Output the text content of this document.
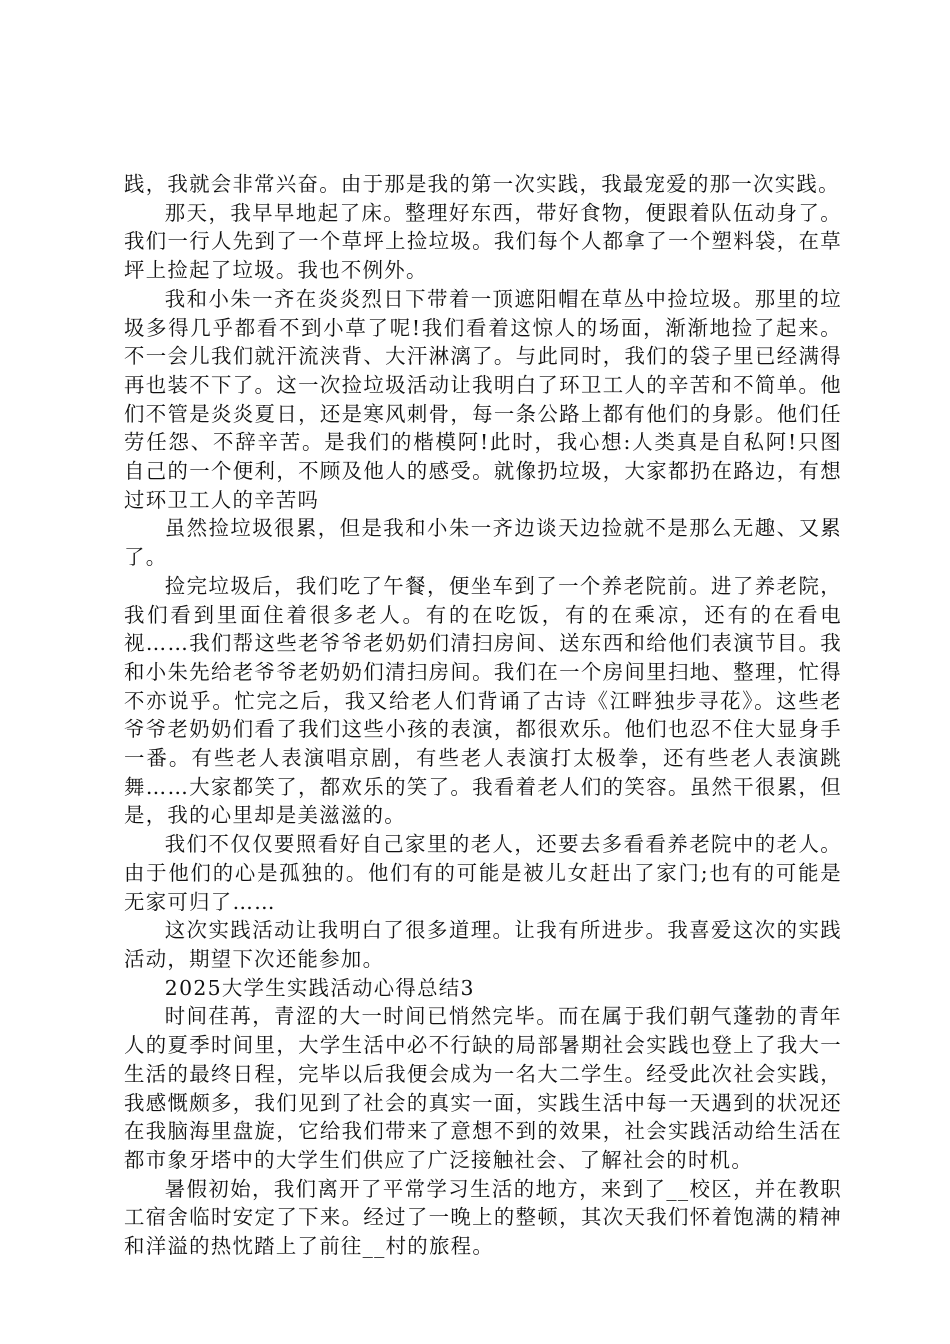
践，我就会非常兴奋。由于那是我的第一次实践，我最宠爱的那一次实践。

那天，我早早地起了床。整理好东西，带好食物，便跟着队伍动身了。我们一行人先到了一个草坪上捡垃圾。我们每个人都拿了一个塑料袋，在草坪上捡起了垃圾。我也不例外。

我和小朱一齐在炎炎烈日下带着一顶遮阳帽在草丛中捡垃圾。那里的垃圾多得几乎都看不到小草了呢!我们看着这惊人的场面，渐渐地捡了起来。不一会儿我们就汗流浃背、大汗淋漓了。与此同时，我们的袋子里已经满得再也装不下了。这一次捡垃圾活动让我明白了环卫工人的辛苦和不简单。他们不管是炎炎夏日，还是寒风刺骨，每一条公路上都有他们的身影。他们任劳任怨、不辞辛苦。是我们的楷模阿!此时，我心想:人类真是自私阿!只图自己的一个便利，不顾及他人的感受。就像扔垃圾，大家都扔在路边，有想过环卫工人的辛苦吗

虽然捡垃圾很累，但是我和小朱一齐边谈天边捡就不是那么无趣、又累了。

捡完垃圾后，我们吃了午餐，便坐车到了一个养老院前。进了养老院，我们看到里面住着很多老人。有的在吃饭，有的在乘凉，还有的在看电视……我们帮这些老爷爷老奶奶们清扫房间、送东西和给他们表演节目。我和小朱先给老爷爷老奶奶们清扫房间。我们在一个房间里扫地、整理，忙得不亦说乎。忙完之后，我又给老人们背诵了古诗《江畔独步寻花》。这些老爷爷老奶奶们看了我们这些小孩的表演，都很欢乐。他们也忍不住大显身手一番。有些老人表演唱京剧，有些老人表演打太极拳，还有些老人表演跳舞……大家都笑了，都欢乐的笑了。我看着老人们的笑容。虽然干很累，但是，我的心里却是美滋滋的。

我们不仅仅要照看好自己家里的老人，还要去多看看养老院中的老人。由于他们的心是孤独的。他们有的可能是被儿女赶出了家门;也有的可能是无家可归了……

这次实践活动让我明白了很多道理。让我有所进步。我喜爱这次的实践活动，期望下次还能参加。

2025大学生实践活动心得总结3

时间荏苒，青涩的大一时间已悄然完毕。而在属于我们朝气蓬勃的青年人的夏季时间里，大学生活中必不行缺的局部暑期社会实践也登上了我大一生活的最终日程，完毕以后我便会成为一名大二学生。经受此次社会实践，我感慨颇多，我们见到了社会的真实一面，实践生活中每一天遇到的状况还在我脑海里盘旋，它给我们带来了意想不到的效果，社会实践活动给生活在都市象牙塔中的大学生们供应了广泛接触社会、了解社会的时机。

暑假初始，我们离开了平常学习生活的地方，来到了__校区，并在教职工宿舍临时安定了下来。经过了一晚上的整顿，其次天我们怀着饱满的精神和洋溢的热忱踏上了前往__村的旅程。
